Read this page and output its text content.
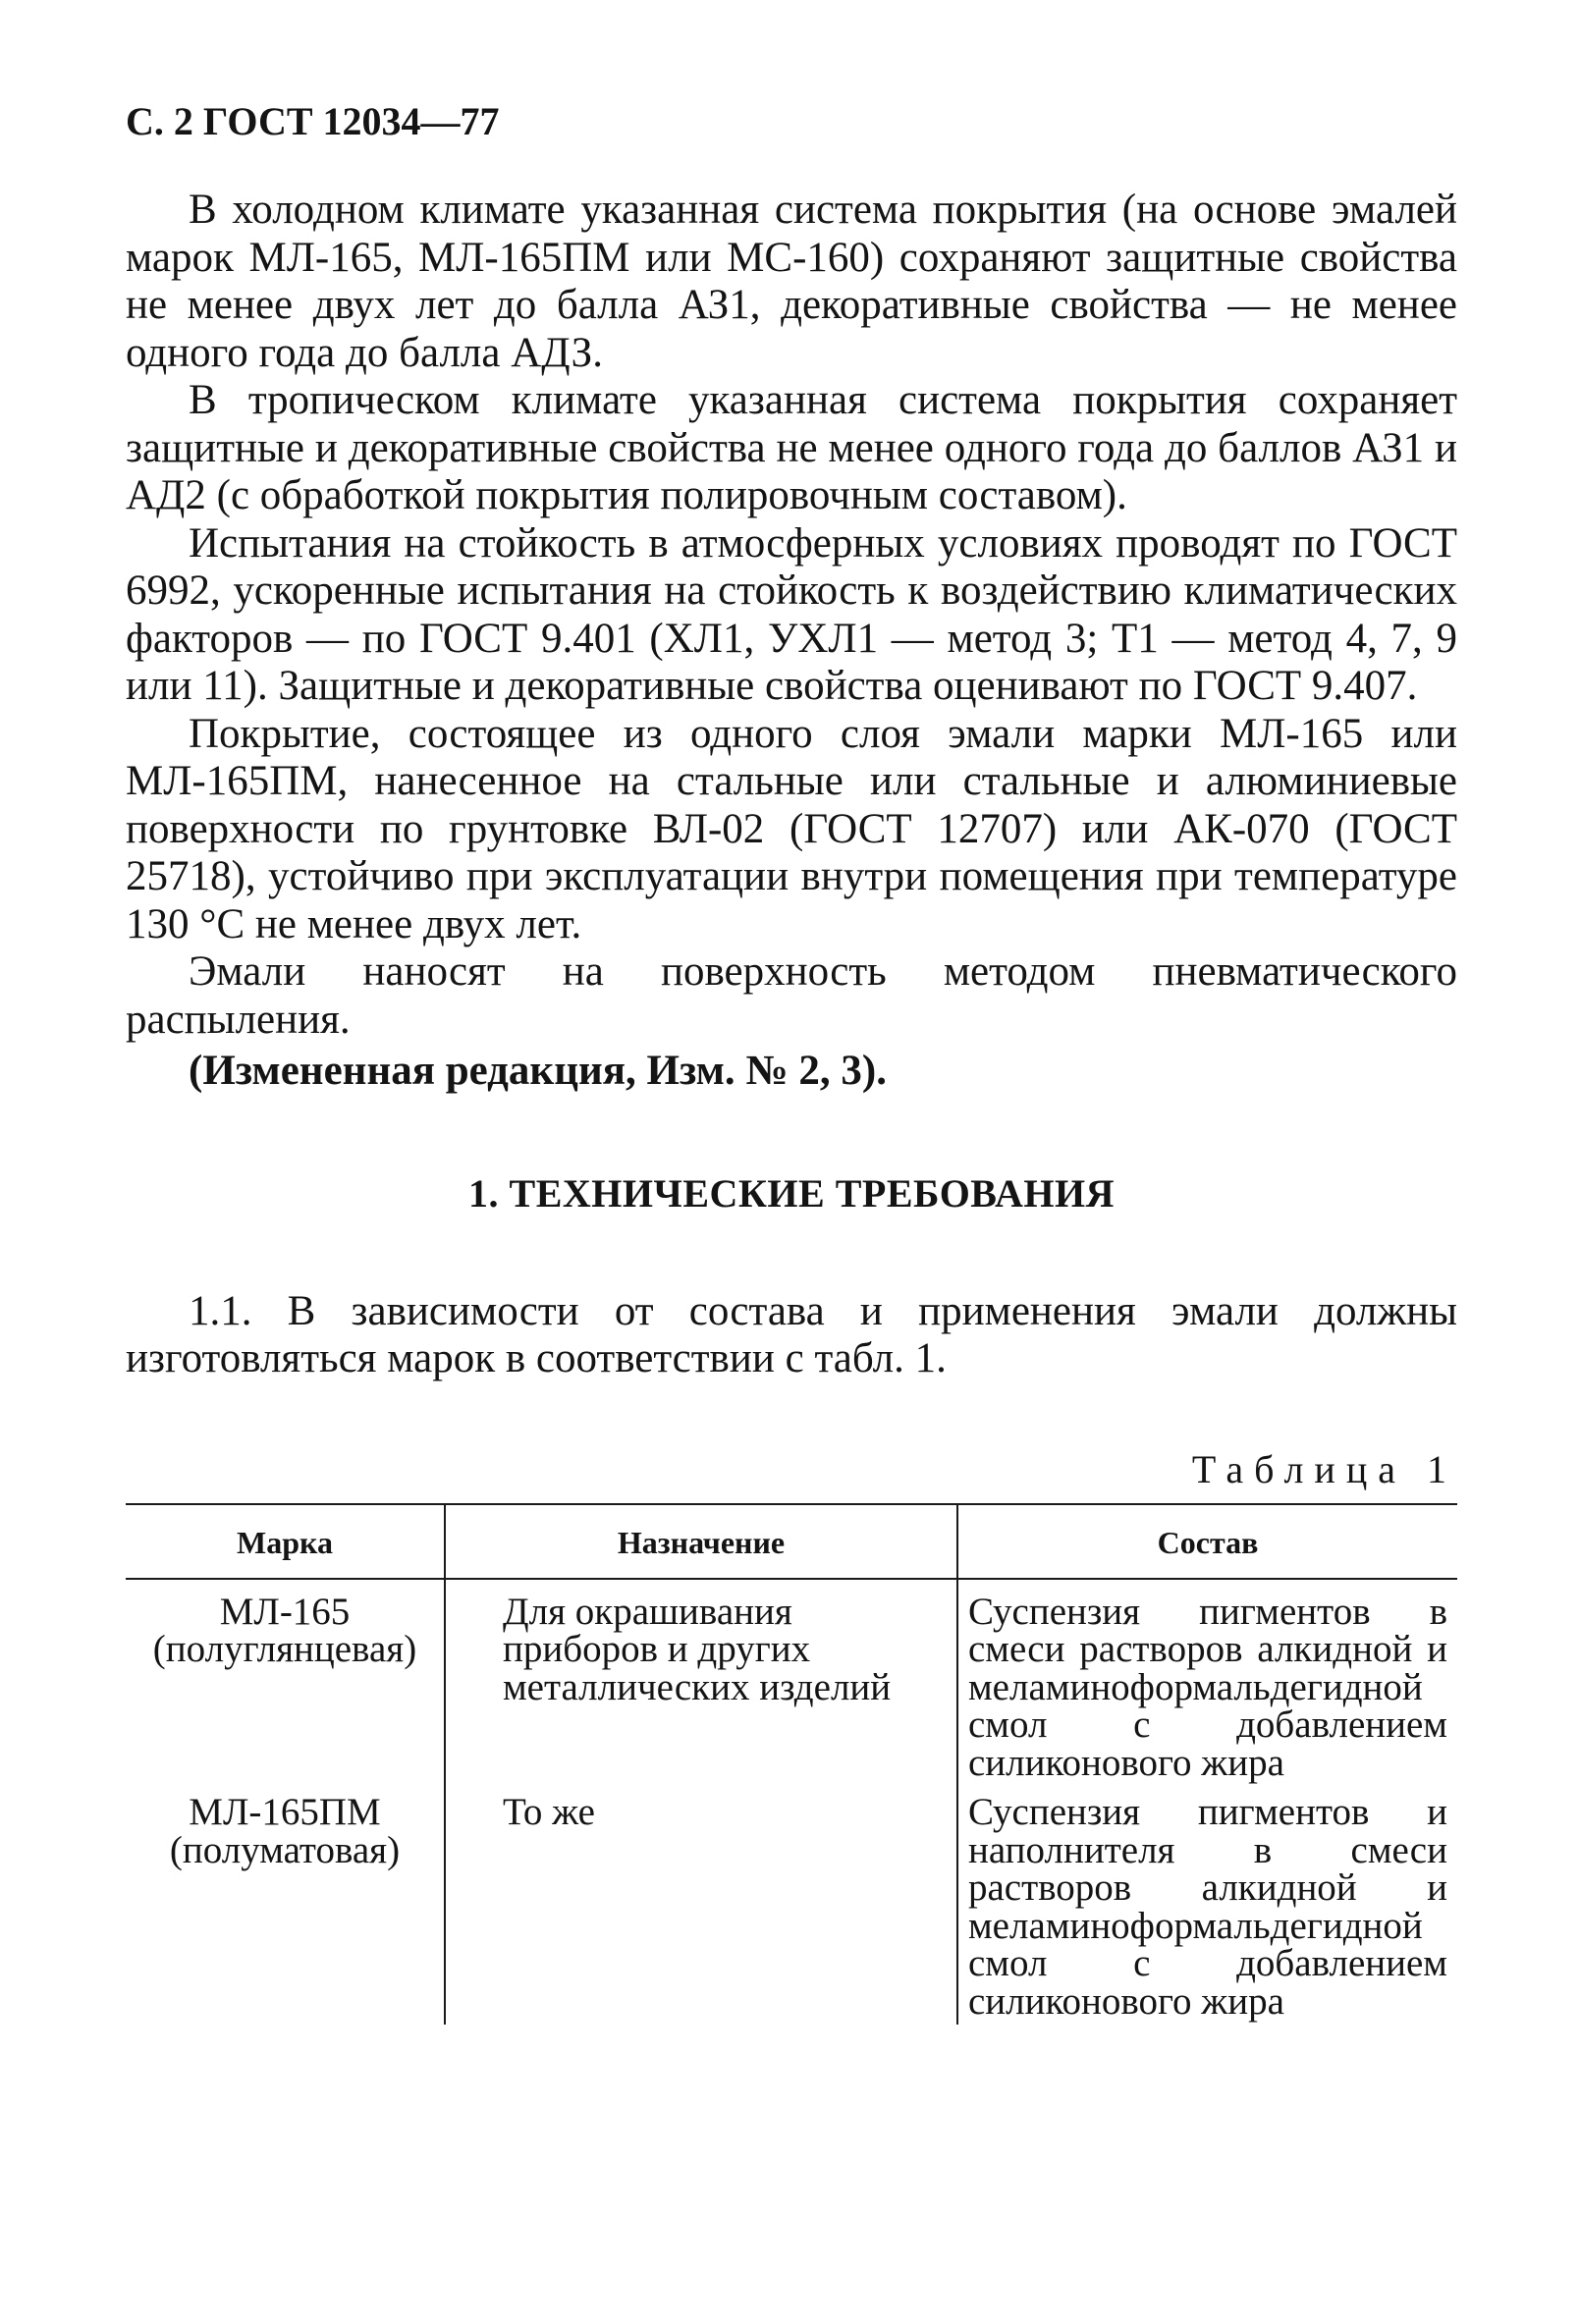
С. 2 ГОСТ 12034—77

В холодном климате указанная система покрытия (на основе эмалей марок МЛ-165, МЛ-165ПМ или МС-160) сохраняют защитные свойства не менее двух лет до балла АЗ1, декоративные свойства — не менее одного года до балла АДЗ.

В тропическом климате указанная система покрытия сохраняет защитные и декоративные свойства не менее одного года до баллов АЗ1 и АД2 (с обработкой покрытия полировочным составом).

Испытания на стойкость в атмосферных условиях проводят по ГОСТ 6992, ускоренные испытания на стойкость к воздействию климатических факторов — по ГОСТ 9.401 (ХЛ1, УХЛ1 — метод 3; Т1 — метод 4, 7, 9 или 11). Защитные и декоративные свойства оценивают по ГОСТ 9.407.

Покрытие, состоящее из одного слоя эмали марки МЛ-165 или МЛ-165ПМ, нанесенное на стальные или стальные и алюминиевые поверхности по грунтовке ВЛ-02 (ГОСТ 12707) или АК-070 (ГОСТ 25718), устойчиво при эксплуатации внутри помещения при температуре 130 °С не менее двух лет.

Эмали наносят на поверхность методом пневматического распыления.

(Измененная редакция, Изм. № 2, 3).

1. ТЕХНИЧЕСКИЕ ТРЕБОВАНИЯ

1.1. В зависимости от состава и применения эмали должны изготовляться марок в соответствии с табл. 1.

Таблица 1
Марка	Назначение	Состав
МЛ-165 (полуглянцевая)	Для окрашивания приборов и других металлических изделий	Суспензия пигментов в смеси растворов алкидной и меламиноформальдегидной смол с добавлением силиконового жира
МЛ-165ПМ (полуматовая)	То же	Суспензия пигментов и наполнителя в смеси растворов алкидной и меламиноформальдегидной смол с добавлением силиконового жира
